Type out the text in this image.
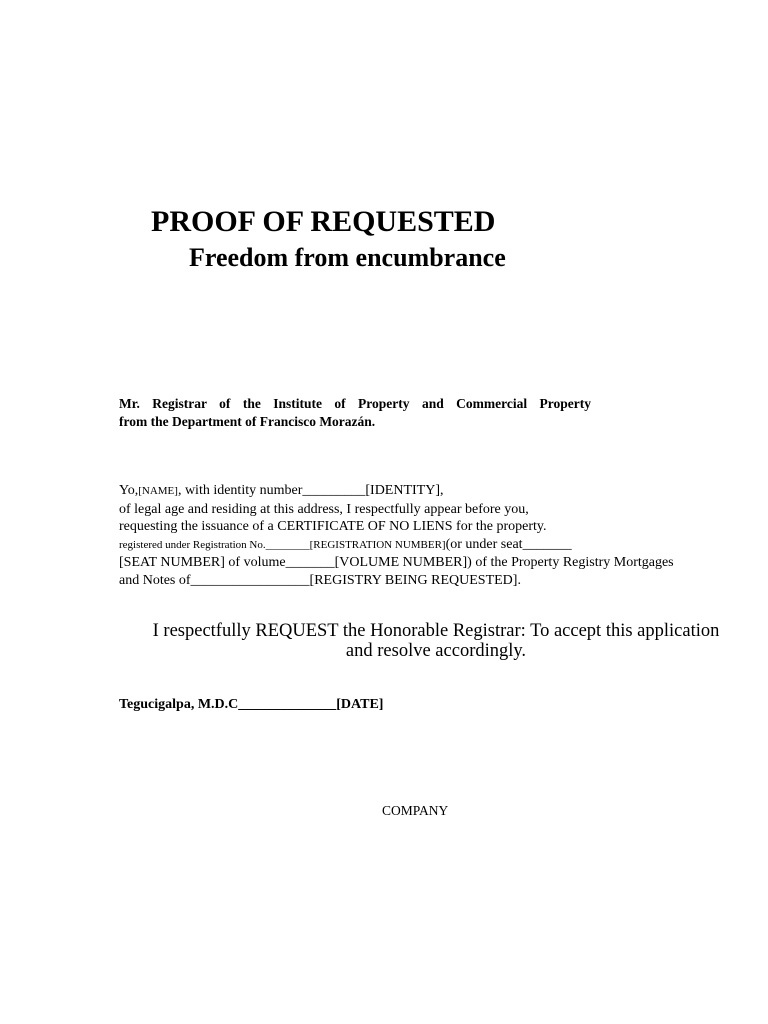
PROOF OF REQUESTED
Freedom from encumbrance
Mr. Registrar of the Institute of Property and Commercial Property
from the Department of Francisco Morazán.
Yo,[NAME], with identity number_________[IDENTITY],
of legal age and residing at this address, I respectfully appear before you,
requesting the issuance of a CERTIFICATE OF NO LIENS for the property.
registered under Registration No.________[REGISTRATION NUMBER](or under seat_______
[SEAT NUMBER] of volume_______[VOLUME NUMBER]) of the Property Registry Mortgages
and Notes of_________________[REGISTRY BEING REQUESTED].
I respectfully REQUEST the Honorable Registrar: To accept this application
and resolve accordingly.
Tegucigalpa, M.D.C______________[DATE]
COMPANY
